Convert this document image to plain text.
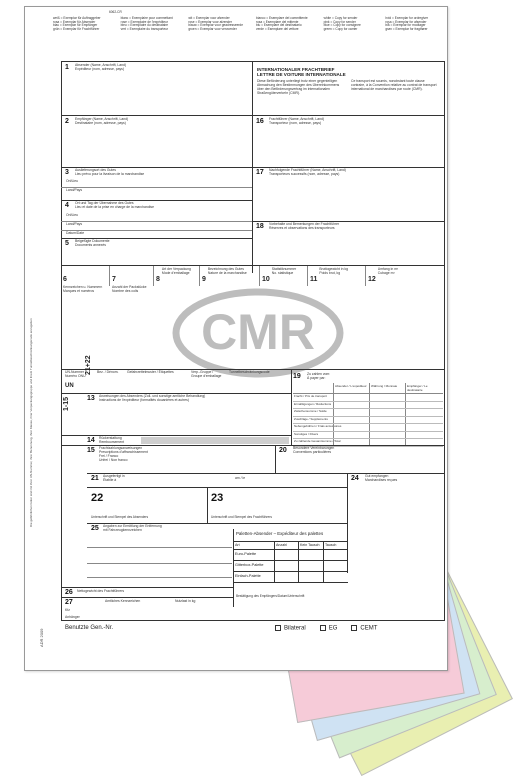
6062-CR
weiß = Exemplar für Auftraggeber
rosa = Exemplar für Absender
blau = Exemplar für Empfänger
grün = Exemplar für Frachtführer
blanc = Exemplaire pour commettant
rose = Exemplaire de l'expéditeur
bleu = Exemplaire du destinataire
vert = Exemplaire du transporteur
wit = Exemplar voor afzender
rose = Exemplar voor afzender
blauw = Exemplar voor geadresseerde
groen = Exemplar voor vervoerder
bianco = Esemplare del committente
rosa = Esemplare del mittente
blu = Esemplare del destinatario
verde = Esemplare del vettore
white = Copy for sender
pink = Copy for sender
blue = Copy for consignee
green = Copy for carrier
hvid = Exemplar for ordregiver
rosa = Exemplar for afsender
blå = Exemplar for modtager
grøn = Exemplar for fragtfører
Die gefährlichen Güter sind mit ihrer UN-Nummer, ihrer Benennung, ihrer Klasse, ihrer Verpackungsgruppe und ihrem Tunnelbeschränkungscode anzugeben
ADR 2009
1 Absender (Name, Anschrift, Land)
Expéditeur (nom, adresse, pays)	INTERNATIONALER FRACHTBRIEF
LETTRE DE VOITURE INTERNATIONALE
Diese Beförderung unterliegt trotz einer gegenteiligen Abmachung den Bestimmungen des Übereinkommens über den Beförderungsvertrag im internationalen Straßengüterverkehr (CMR).
Ce transport est soumis, nonobstant toute clause contraire, à la Convention relative au contrat de transport international de marchandises par route (CMR).
2 Empfänger (Name, Anschrift, Land)
Destinataire (nom, adresse, pays)	16 Frachtführer (Name, Anschrift, Land)
Transporteur (nom, adresse, pays)
3 Auslieferungsort des Gutes
Lieu prévu pour la livraison de la marchandise
Ort/Lieu
Land/Pays
17 Nachfolgende Frachtführer (Name, Anschrift, Land)
Transporteurs successifs (nom, adresse, pays)
4 Ort und Tag der Übernahme des Gutes
Lieu et date de la prise en charge de la marchandise
Ort/Lieu
Land/Pays
Datum/Date
18 Vorbehalte und Bemerkungen der Frachtführer
Réserves et observations des transporteurs
5 Beigefügte Dokumente
Documents annexés
6
Kennzeichen u. Nummern
Marques et numéros
7
Anzahl der Packstücke
Nombre des colis
8
Art der Verpackung
Mode d'emballage
9
Bezeichnung des Gutes
Nature de la marchandise
10
Statistiknummer
No. statistique
11
Bruttogewicht in kg
Poids brut, kg
12
Umfang in m³
Cubage m³
CMR
UN-Nummer / Numéro ONU
Bez. / Dénom.	Gefahrzettelmuster / Étiquettes	Verp.-Gruppe / Groupe d'emballage
Tunnelbeschränkungscode
UN
21+22
13 Anweisungen des Absenders (Zoll- und sonstige amtliche Behandlung)
Instructions de l'expéditeur (formalités douanières et autres)
1-15
19 Zu zahlen vom:
À payer par:
Absender / L'expéditeur	Währung / Monnaie	Empfänger / Le destinataire
Fracht / Prix de transport
Ermäßigungen / Réductions
Zwischensumme / Solde
Zuschläge / Suppléments
Nebengebühren / Frais accessoires
Sonstiges / Divers
Zu zahlende Gesamtsumme / Total
14 Rückerstattung
Remboursement
15 Frachtzahlungsanweisungen
Prescriptions d'affranchissement
Frei / Franco
Unfrei / Non franco
20 Besondere Vereinbarungen
Conventions particulières
21 Ausgefertigt in
Établie à	am / le	24 Gut empfangen
Marchandises reçues
22	23
Unterschrift und Stempel des Absenders	Unterschrift und Stempel des Frachtführers
25 Angaben zur Ermittlung der Entfernung
mit Fahrzeugkennzeichen
Paletten-Absender – Expéditeur des palettes
Art	Anzahl	Kein Tausch	Tausch
Euro-Palette
Gitterbox-Palette
Einfach-Palette
Bestätigung des Empfängers/Datum/Unterschrift
26 Nettogewicht des Frachtführers
27	Amtliches Kennzeichen	Nutzlast in kg
Kfz
Anhänger
Benutzte Gen.-Nr.	Bilateral	EG	CEMT
